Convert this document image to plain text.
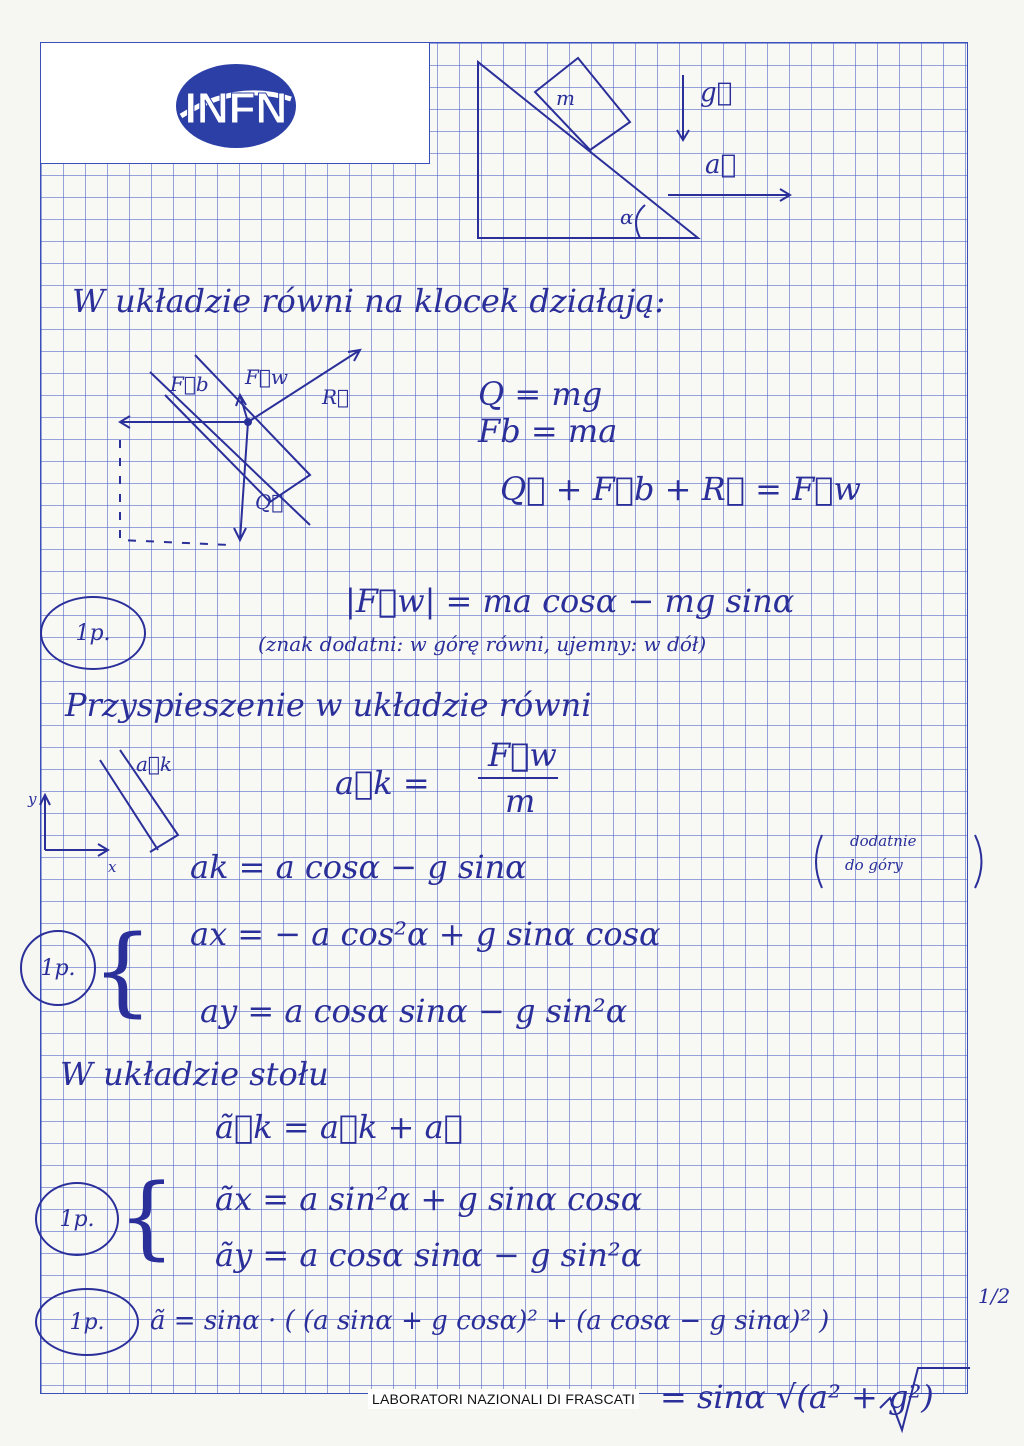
INFN	m	g⃗
a⃗
α
W układzie równi na klocek działają:
F⃗b F⃗w
R⃗
Q⃗
Q = mg
Fb = ma
Q⃗ + F⃗b + R⃗ = F⃗w
|F⃗w| = ma cosα − mg sinα
(znak dodatni: w górę równi, ujemny: w dół)
1p.
Przyspieszenie w układzie równi
a⃗k
y
x
a⃗k =
F⃗w
m
ak = a cosα − g sinα
dodatnie
do góry
1p. { ax = − a cos²α + g sinα cosα
ay = a cosα sinα − g sin²α
W układzie stołu
ã⃗k = a⃗k + a⃗
1p. { ãx = a sin²α + g sinα cosα
ãy = a cosα sinα − g sin²α
1p.	ã = sinα · ( (a sinα + g cosα)² + (a cosα − g sinα)² )
1/2
= sinα √(a² + g²)
LABORATORI NAZIONALI DI FRASCATI
